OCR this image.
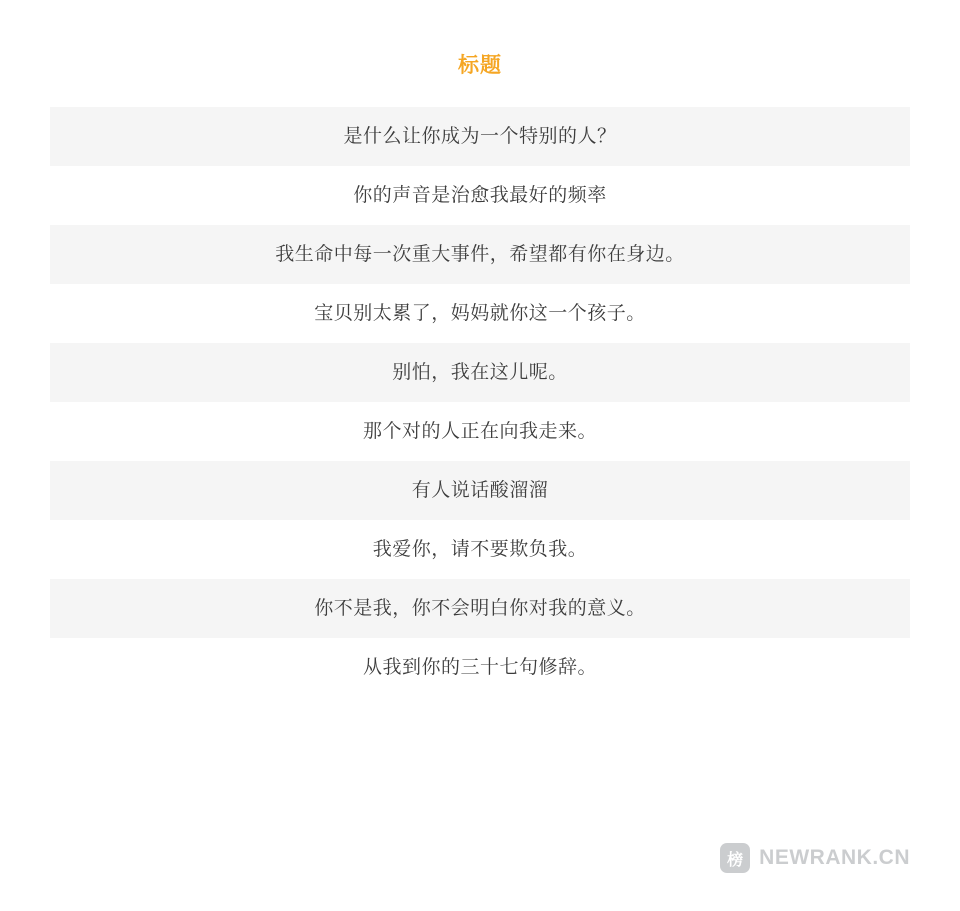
标题
是什么让你成为一个特别的人？
你的声音是治愈我最好的频率
我生命中每一次重大事件，希望都有你在身边。
宝贝别太累了，妈妈就你这一个孩子。
别怕，我在这儿呢。
那个对的人正在向我走来。
有人说话酸溜溜
我爱你，请不要欺负我。
你不是我，你不会明白你对我的意义。
从我到你的三十七句修辞。
榜 NEWRANK.CN
